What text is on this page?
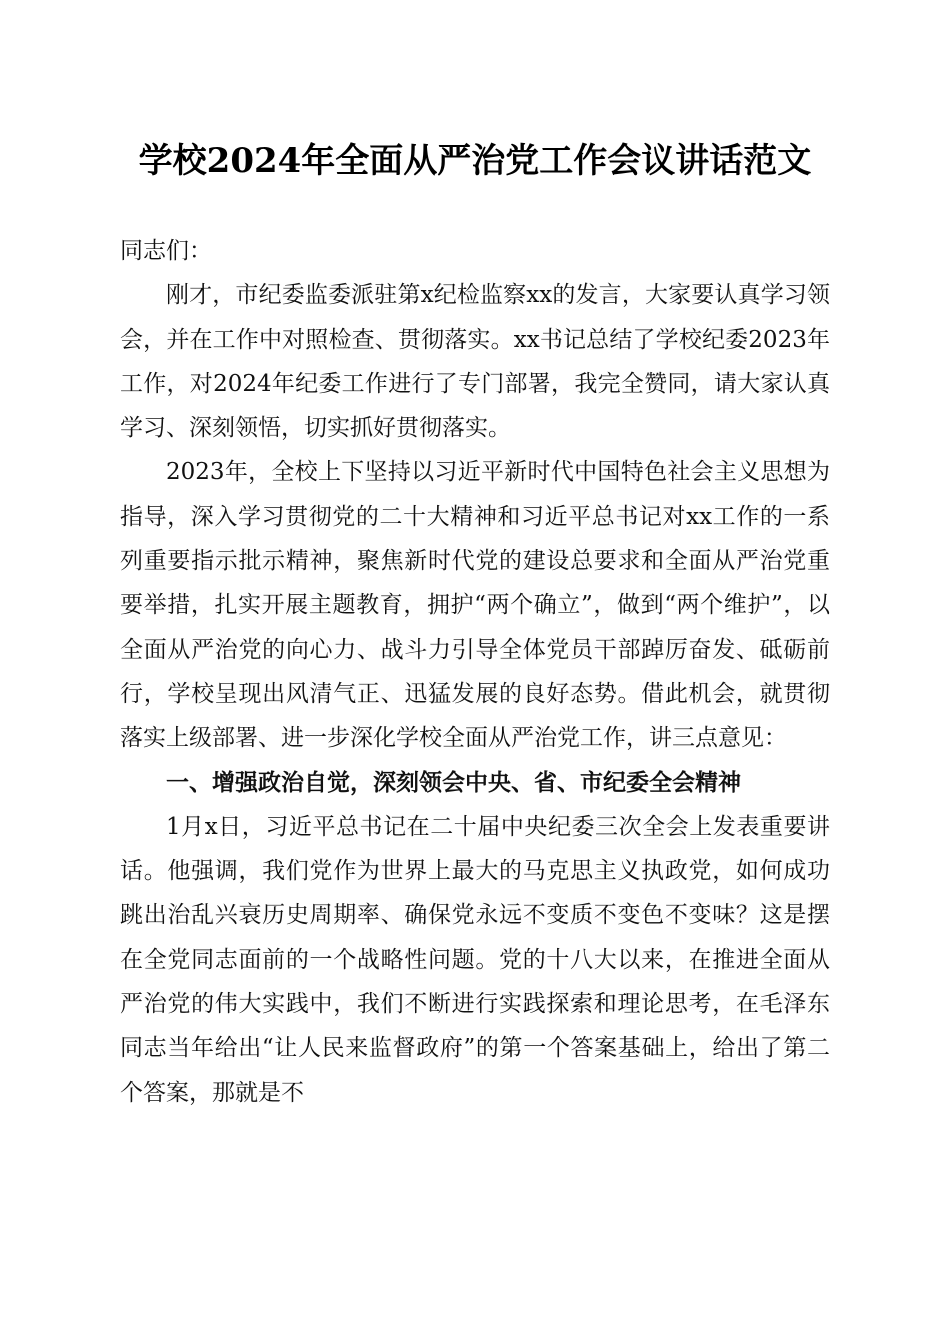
学校2024年全面从严治党工作会议讲话范文

同志们：

刚才，市纪委监委派驻第x纪检监察xx的发言，大家要认真学习领会，并在工作中对照检查、贯彻落实。xx书记总结了学校纪委2023年工作，对2024年纪委工作进行了专门部署，我完全赞同，请大家认真学习、深刻领悟，切实抓好贯彻落实。

2023年，全校上下坚持以习近平新时代中国特色社会主义思想为指导，深入学习贯彻党的二十大精神和习近平总书记对xx工作的一系列重要指示批示精神，聚焦新时代党的建设总要求和全面从严治党重要举措，扎实开展主题教育，拥护“两个确立”，做到“两个维护”，以全面从严治党的向心力、战斗力引导全体党员干部踔厉奋发、砥砺前行，学校呈现出风清气正、迅猛发展的良好态势。借此机会，就贯彻落实上级部署、进一步深化学校全面从严治党工作，讲三点意见：

一、增强政治自觉，深刻领会中央、省、市纪委全会精神

1月x日，习近平总书记在二十届中央纪委三次全会上发表重要讲话。他强调，我们党作为世界上最大的马克思主义执政党，如何成功跳出治乱兴衰历史周期率、确保党永远不变质不变色不变味？这是摆在全党同志面前的一个战略性问题。党的十八大以来，在推进全面从严治党的伟大实践中，我们不断进行实践探索和理论思考，在毛泽东同志当年给出“让人民来监督政府”的第一个答案基础上，给出了第二个答案，那就是不
